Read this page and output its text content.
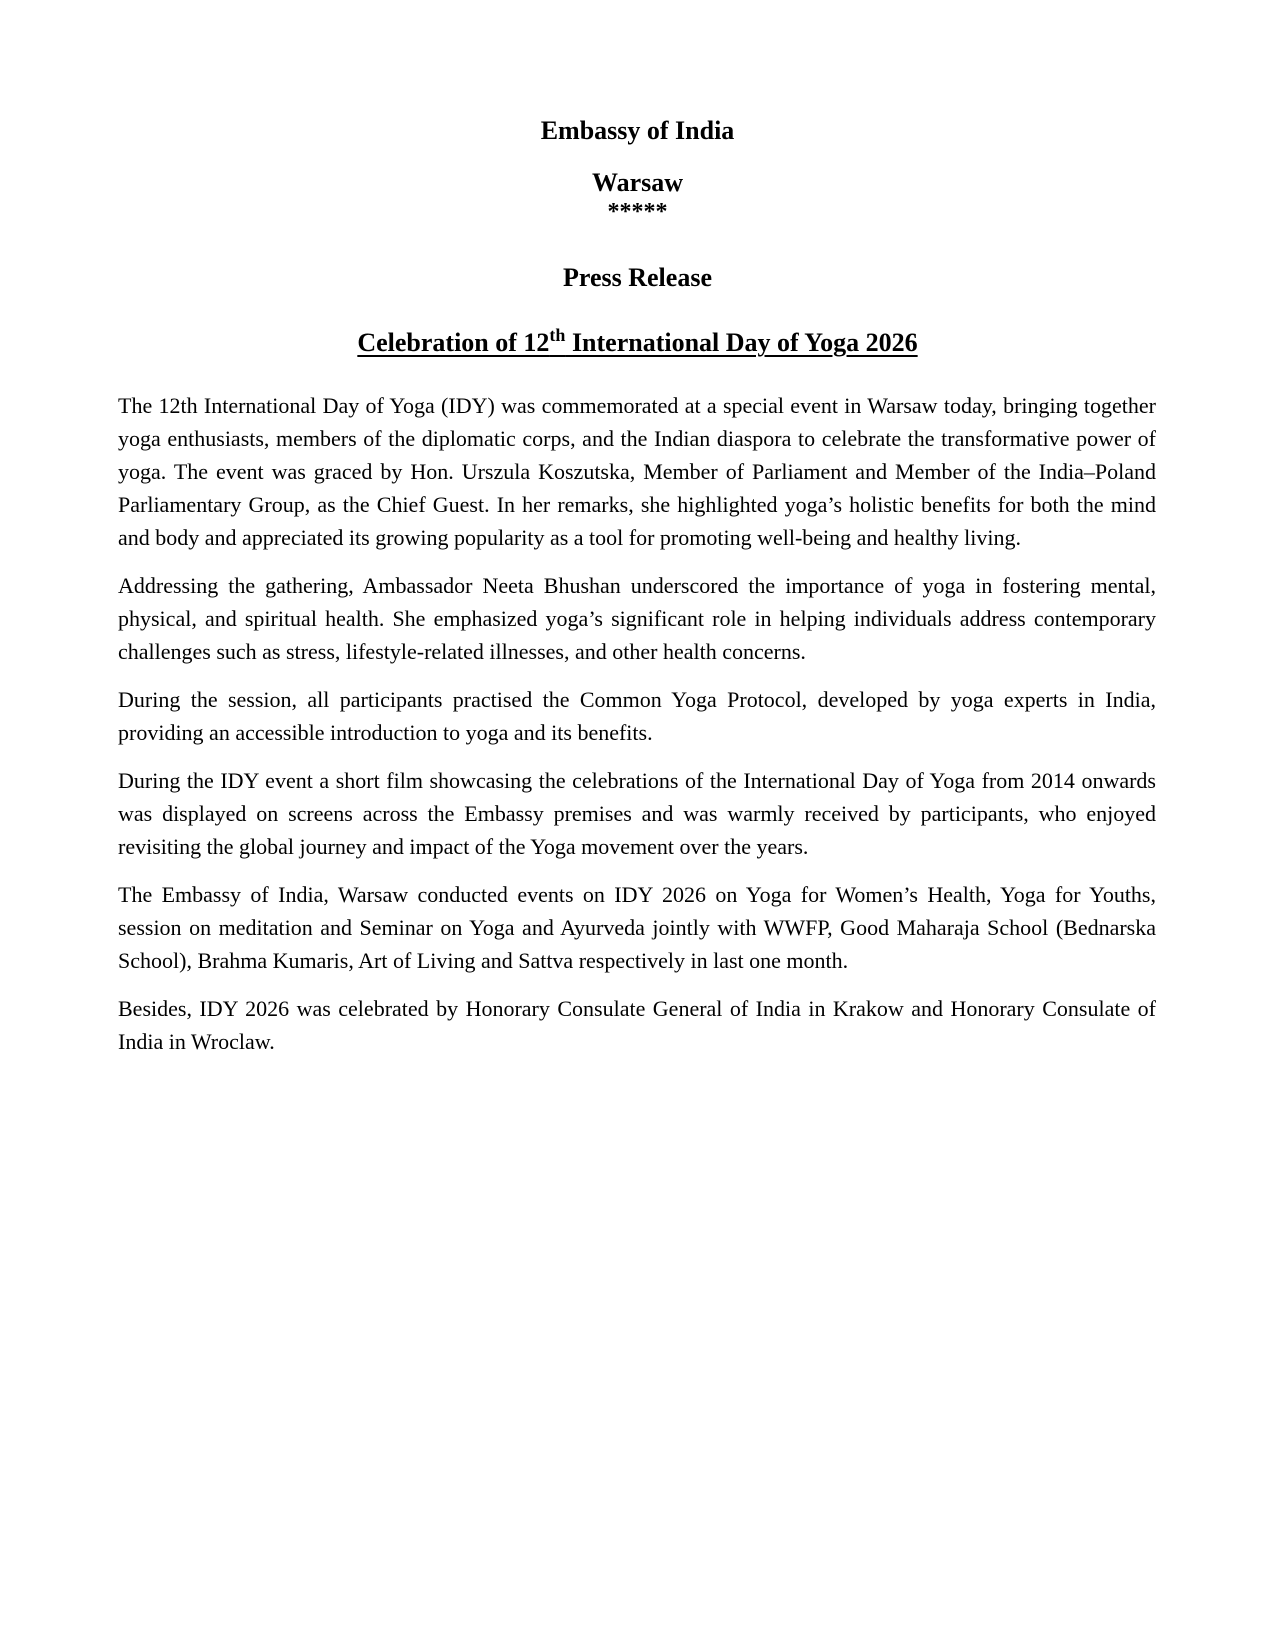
Embassy of India
Warsaw
*****
Press Release
Celebration of 12th International Day of Yoga 2026

The 12th International Day of Yoga (IDY) was commemorated at a special event in Warsaw today, bringing together yoga enthusiasts, members of the diplomatic corps, and the Indian diaspora to celebrate the transformative power of yoga. The event was graced by Hon. Urszula Koszutska, Member of Parliament and Member of the India–Poland Parliamentary Group, as the Chief Guest. In her remarks, she highlighted yoga’s holistic benefits for both the mind and body and appreciated its growing popularity as a tool for promoting well-being and healthy living.

Addressing the gathering, Ambassador Neeta Bhushan underscored the importance of yoga in fostering mental, physical, and spiritual health. She emphasized yoga’s significant role in helping individuals address contemporary challenges such as stress, lifestyle-related illnesses, and other health concerns.

During the session, all participants practised the Common Yoga Protocol, developed by yoga experts in India, providing an accessible introduction to yoga and its benefits.

During the IDY event a short film showcasing the celebrations of the International Day of Yoga from 2014 onwards was displayed on screens across the Embassy premises and was warmly received by participants, who enjoyed revisiting the global journey and impact of the Yoga movement over the years.

The Embassy of India, Warsaw conducted events on IDY 2026 on Yoga for Women’s Health, Yoga for Youths, session on meditation and Seminar on Yoga and Ayurveda jointly with WWFP, Good Maharaja School (Bednarska School), Brahma Kumaris, Art of Living and Sattva respectively in last one month.

Besides, IDY 2026 was celebrated by Honorary Consulate General of India in Krakow and Honorary Consulate of India in Wroclaw.
